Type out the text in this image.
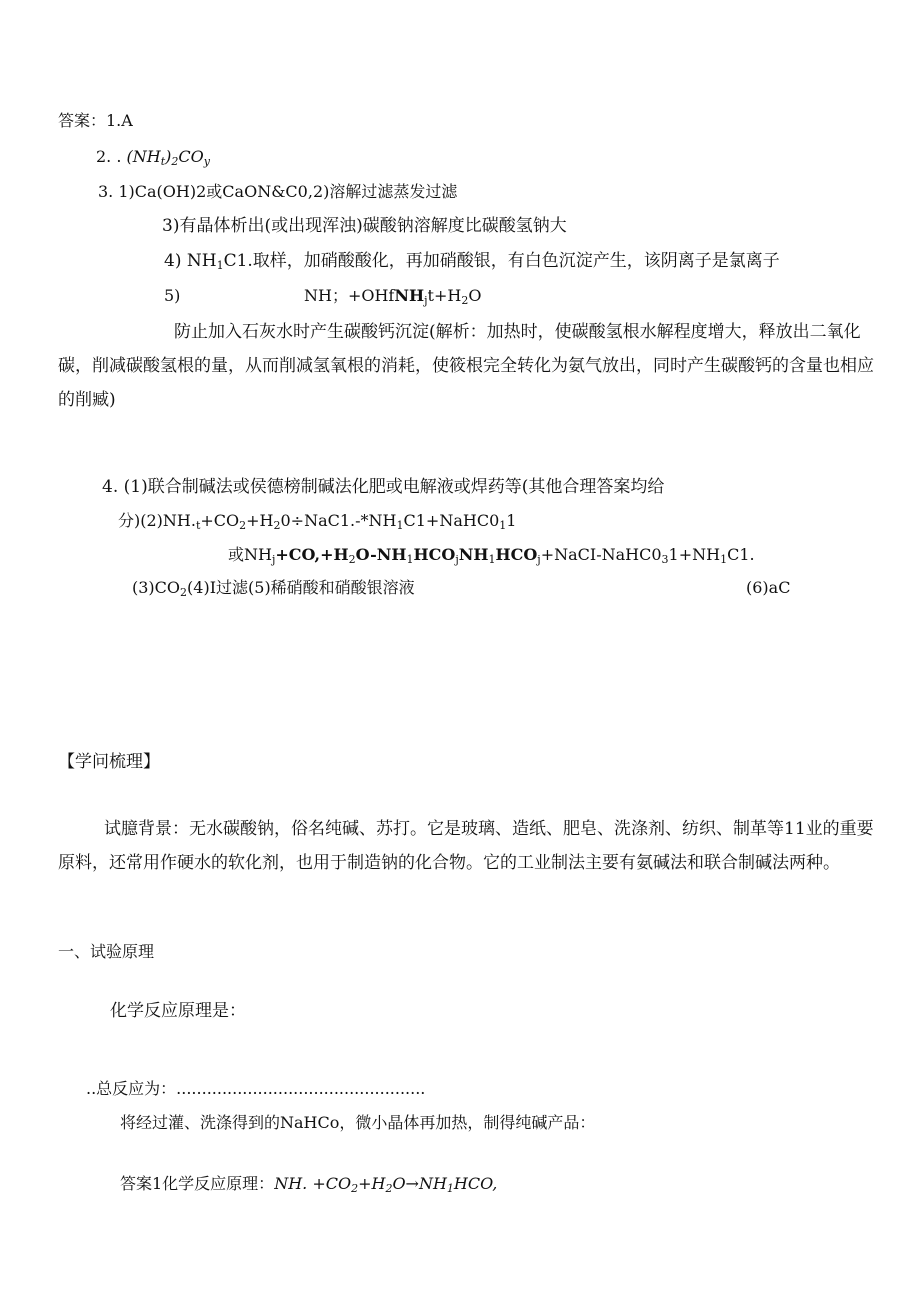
答案：1.A
2. . $(NH_t)_2CO_y$
3. 1)Ca(OH)2或CaON&C0,2)溶解过滤蒸发过滤
3)有晶体析出(或出现浑浊)碳酸钠溶解度比碳酸氢钠大
4) $NH_1C1$.取样，加硝酸酸化，再加硝酸银，有白色沉淀产生，该阴离子是氯离子
5)	NH；$+OHfNH_jt+H_2O$
防止加入石灰水时产生碳酸钙沉淀(解析：加热时，使碳酸氢根水解程度增大，释放出二氧化碳，削减碳酸氢根的量，从而削减氢氧根的消耗，使筱根完全转化为氨气放出，同时产生碳酸钙的含量也相应的削臧)
4. (1)联合制碱法或侯德榜制碱法化肥或电解液或焊药等(其他合理答案均给
分)$(2)NH._t+CO_2+H_20\div NaC1.-*NH_1C1+NaHC0_11$
或$NH_j+CO,+H_2O-NH_1HCO_jNH_1HCO_j+NaCI-NaHC0_31+NH_1C1$.
$(3)CO_2(4)I$过滤(5)稀硝酸和硝酸银溶液	(6)aC
【学问梳理】
试臆背景：无水碳酸钠，俗名纯碱、苏打。它是玻璃、造纸、肥皂、洗涤剂、纺织、制革等11业的重要原料，还常用作硬水的软化剂，也用于制造钠的化合物。它的工业制法主要有氨碱法和联合制碱法两种。
一、试验原理
化学反应原理是：
..总反应为：.................................................
将经过灌、洗涤得到的NaHCo，微小晶体再加热，制得纯碱产品：
答案1化学反应原理：NH. $+CO_2+H_2O\to NH_1HCO$,
